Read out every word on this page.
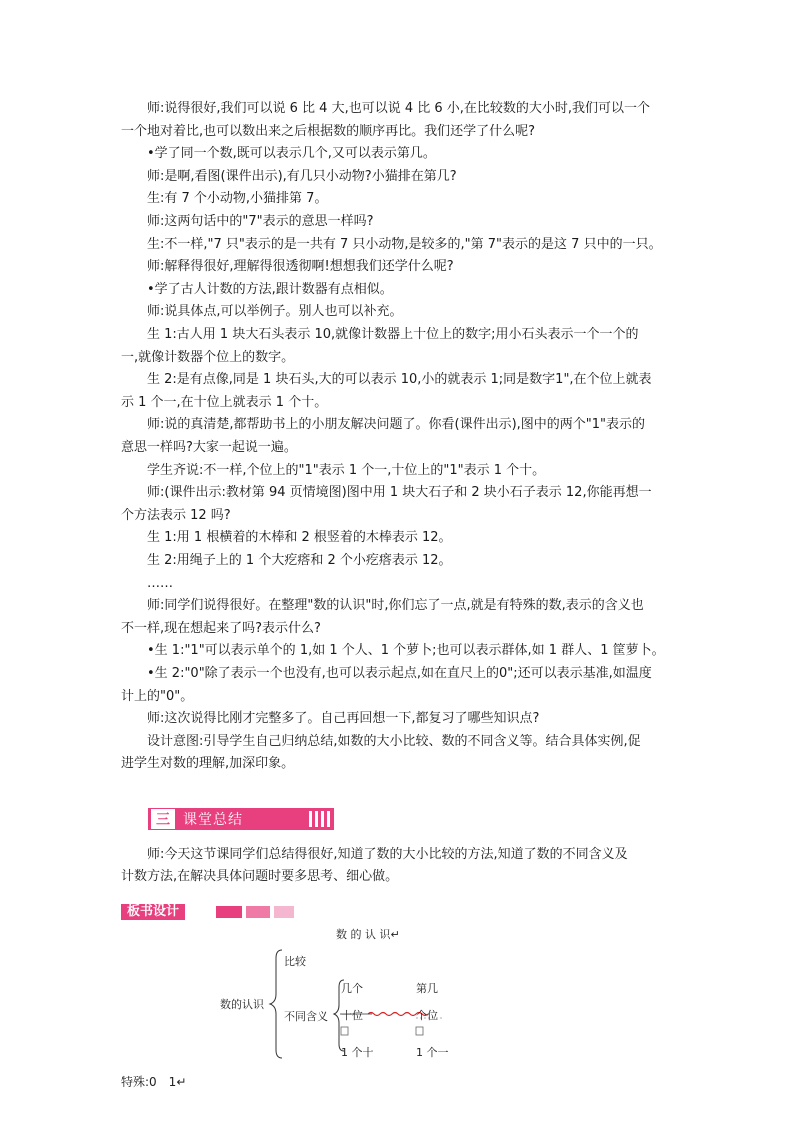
师:说得很好,我们可以说 6 比 4 大,也可以说 4 比 6 小,在比较数的大小时,我们可以一个

一个地对着比,也可以数出来之后根据数的顺序再比。我们还学了什么呢?

•学了同一个数,既可以表示几个,又可以表示第几。

师:是啊,看图(课件出示),有几只小动物?小猫排在第几?

生:有 7 个小动物,小猫排第 7。

师:这两句话中的"7"表示的意思一样吗?

生:不一样,"7 只"表示的是一共有 7 只小动物,是较多的,"第 7"表示的是这 7 只中的一只。

师:解释得很好,理解得很透彻啊!想想我们还学什么呢?

•学了古人计数的方法,跟计数器有点相似。

师:说具体点,可以举例子。别人也可以补充。

生 1:古人用 1 块大石头表示 10,就像计数器上十位上的数字;用小石头表示一个一个的

一,就像计数器个位上的数字。

生 2:是有点像,同是 1 块石头,大的可以表示 10,小的就表示 1;同是数字1",在个位上就表

示 1 个一,在十位上就表示 1 个十。

师:说的真清楚,都帮助书上的小朋友解决问题了。你看(课件出示),图中的两个"1"表示的

意思一样吗?大家一起说一遍。

学生齐说:不一样,个位上的"1"表示 1 个一,十位上的"1"表示 1 个十。

师:(课件出示:教材第 94 页情境图)图中用 1 块大石子和 2 块小石子表示 12,你能再想一

个方法表示 12 吗?

生 1:用 1 根横着的木棒和 2 根竖着的木棒表示 12。

生 2:用绳子上的 1 个大疙瘩和 2 个小疙瘩表示 12。

……

师:同学们说得很好。在整理"数的认识"时,你们忘了一点,就是有特殊的数,表示的含义也

不一样,现在想起来了吗?表示什么?

•生 1:"1"可以表示单个的 1,如 1 个人、1 个萝卜;也可以表示群体,如 1 群人、1 筐萝卜。

•生 2:"0"除了表示一个也没有,也可以表示起点,如在直尺上的0";还可以表示基准,如温度

计上的"0"。

师:这次说得比刚才完整多了。自己再回想一下,都复习了哪些知识点?

设计意图:引导学生自己归纳总结,如数的大小比较、数的不同含义等。结合具体实例,促

进学生对数的理解,加深印象。

三 课堂总结

师:今天这节课同学们总结得很好,知道了数的大小比较的方法,知道了数的不同含义及

计数方法,在解决具体问题时要多思考、细心做。

板书设计
数 的 认 识↵
数的认识
比较
不同含义
几个	第几
十位	个位
1 个十	1 个一
特殊:0　1↵
